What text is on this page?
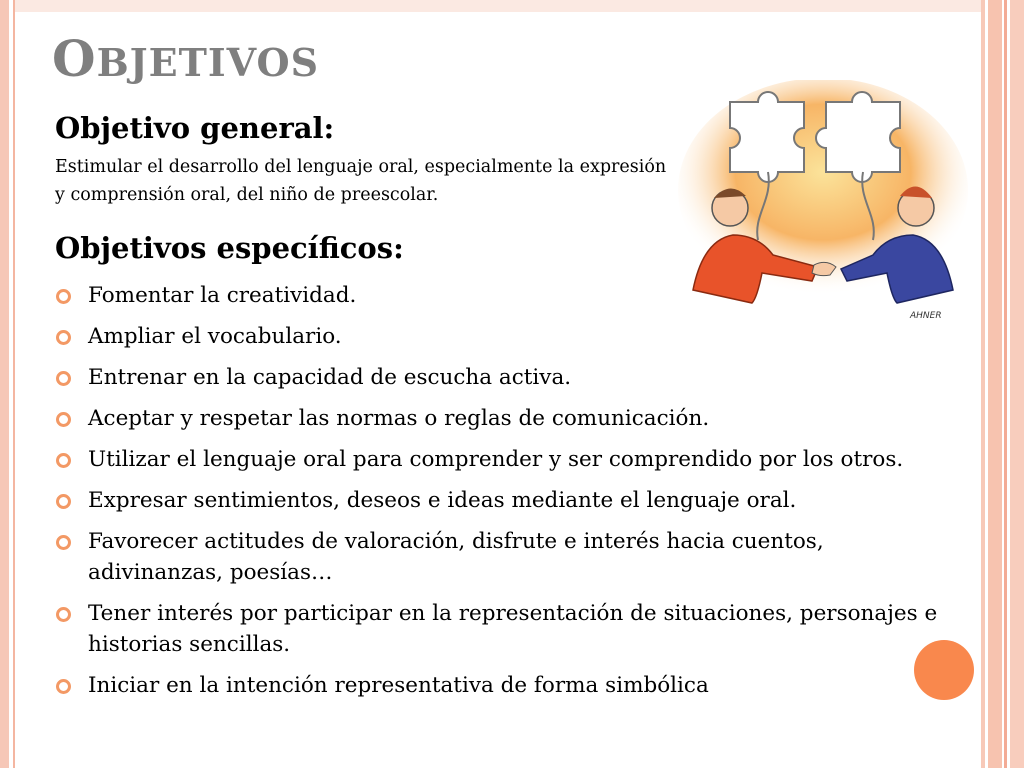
OBJETIVOS
Objetivo general:

Estimular el desarrollo del lenguaje oral, especialmente la expresión y comprensión oral, del niño de preescolar.

Objetivos específicos:
Fomentar la creatividad.
Ampliar el vocabulario.
Entrenar en la capacidad de escucha activa.
Aceptar y respetar las normas o reglas de comunicación.
Utilizar el lenguaje oral para comprender y ser comprendido por los otros.
Expresar sentimientos, deseos e ideas mediante el lenguaje oral.
Favorecer actitudes de valoración, disfrute e interés hacia cuentos, adivinanzas, poesías…
Tener interés por participar en la representación de situaciones, personajes e historias sencillas.
Iniciar en la intención representativa de forma simbólica
AHNER
